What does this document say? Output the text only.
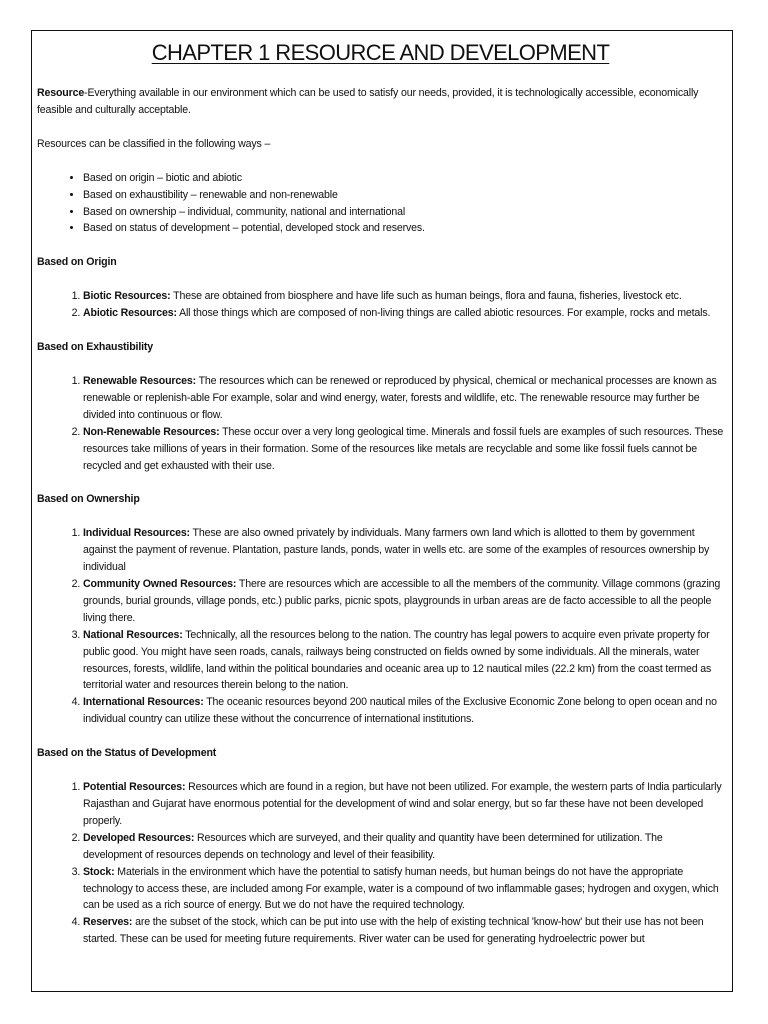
CHAPTER 1 RESOURCE AND DEVELOPMENT

Resource-Everything available in our environment which can be used to satisfy our needs, provided, it is technologically accessible, economically feasible and culturally acceptable.

Resources can be classified in the following ways –

• Based on origin – biotic and abiotic
• Based on exhaustibility – renewable and non-renewable
• Based on ownership – individual, community, national and international
• Based on status of development – potential, developed stock and reserves.

Based on Origin

1. Biotic Resources: These are obtained from biosphere and have life such as human beings, flora and fauna, fisheries, livestock etc.
2. Abiotic Resources: All those things which are composed of non-living things are called abiotic resources. For example, rocks and metals.

Based on Exhaustibility

1. Renewable Resources: The resources which can be renewed or reproduced by physical, chemical or mechanical processes are known as renewable or replenish-able For example, solar and wind energy, water, forests and wildlife, etc. The renewable resource may further be divided into continuous or flow.
2. Non-Renewable Resources: These occur over a very long geological time. Minerals and fossil fuels are examples of such resources. These resources take millions of years in their formation. Some of the resources like metals are recyclable and some like fossil fuels cannot be recycled and get exhausted with their use.

Based on Ownership

1. Individual Resources: These are also owned privately by individuals. Many farmers own land which is allotted to them by government against the payment of revenue. Plantation, pasture lands, ponds, water in wells etc. are some of the examples of resources ownership by individual
2. Community Owned Resources: There are resources which are accessible to all the members of the community. Village commons (grazing grounds, burial grounds, village ponds, etc.) public parks, picnic spots, playgrounds in urban areas are de facto accessible to all the people living there.
3. National Resources: Technically, all the resources belong to the nation. The country has legal powers to acquire even private property for public good. You might have seen roads, canals, railways being constructed on fields owned by some individuals. All the minerals, water resources, forests, wildlife, land within the political boundaries and oceanic area up to 12 nautical miles (22.2 km) from the coast termed as territorial water and resources therein belong to the nation.
4. International Resources: The oceanic resources beyond 200 nautical miles of the Exclusive Economic Zone belong to open ocean and no individual country can utilize these without the concurrence of international institutions.

Based on the Status of Development

1. Potential Resources: Resources which are found in a region, but have not been utilized. For example, the western parts of India particularly Rajasthan and Gujarat have enormous potential for the development of wind and solar energy, but so far these have not been developed properly.
2. Developed Resources: Resources which are surveyed, and their quality and quantity have been determined for utilization. The development of resources depends on technology and level of their feasibility.
3. Stock: Materials in the environment which have the potential to satisfy human needs, but human beings do not have the appropriate technology to access these, are included among For example, water is a compound of two inflammable gases; hydrogen and oxygen, which can be used as a rich source of energy. But we do not have the required technology.
4. Reserves: are the subset of the stock, which can be put into use with the help of existing technical 'know-how' but their use has not been started. These can be used for meeting future requirements. River water can be used for generating hydroelectric power but
